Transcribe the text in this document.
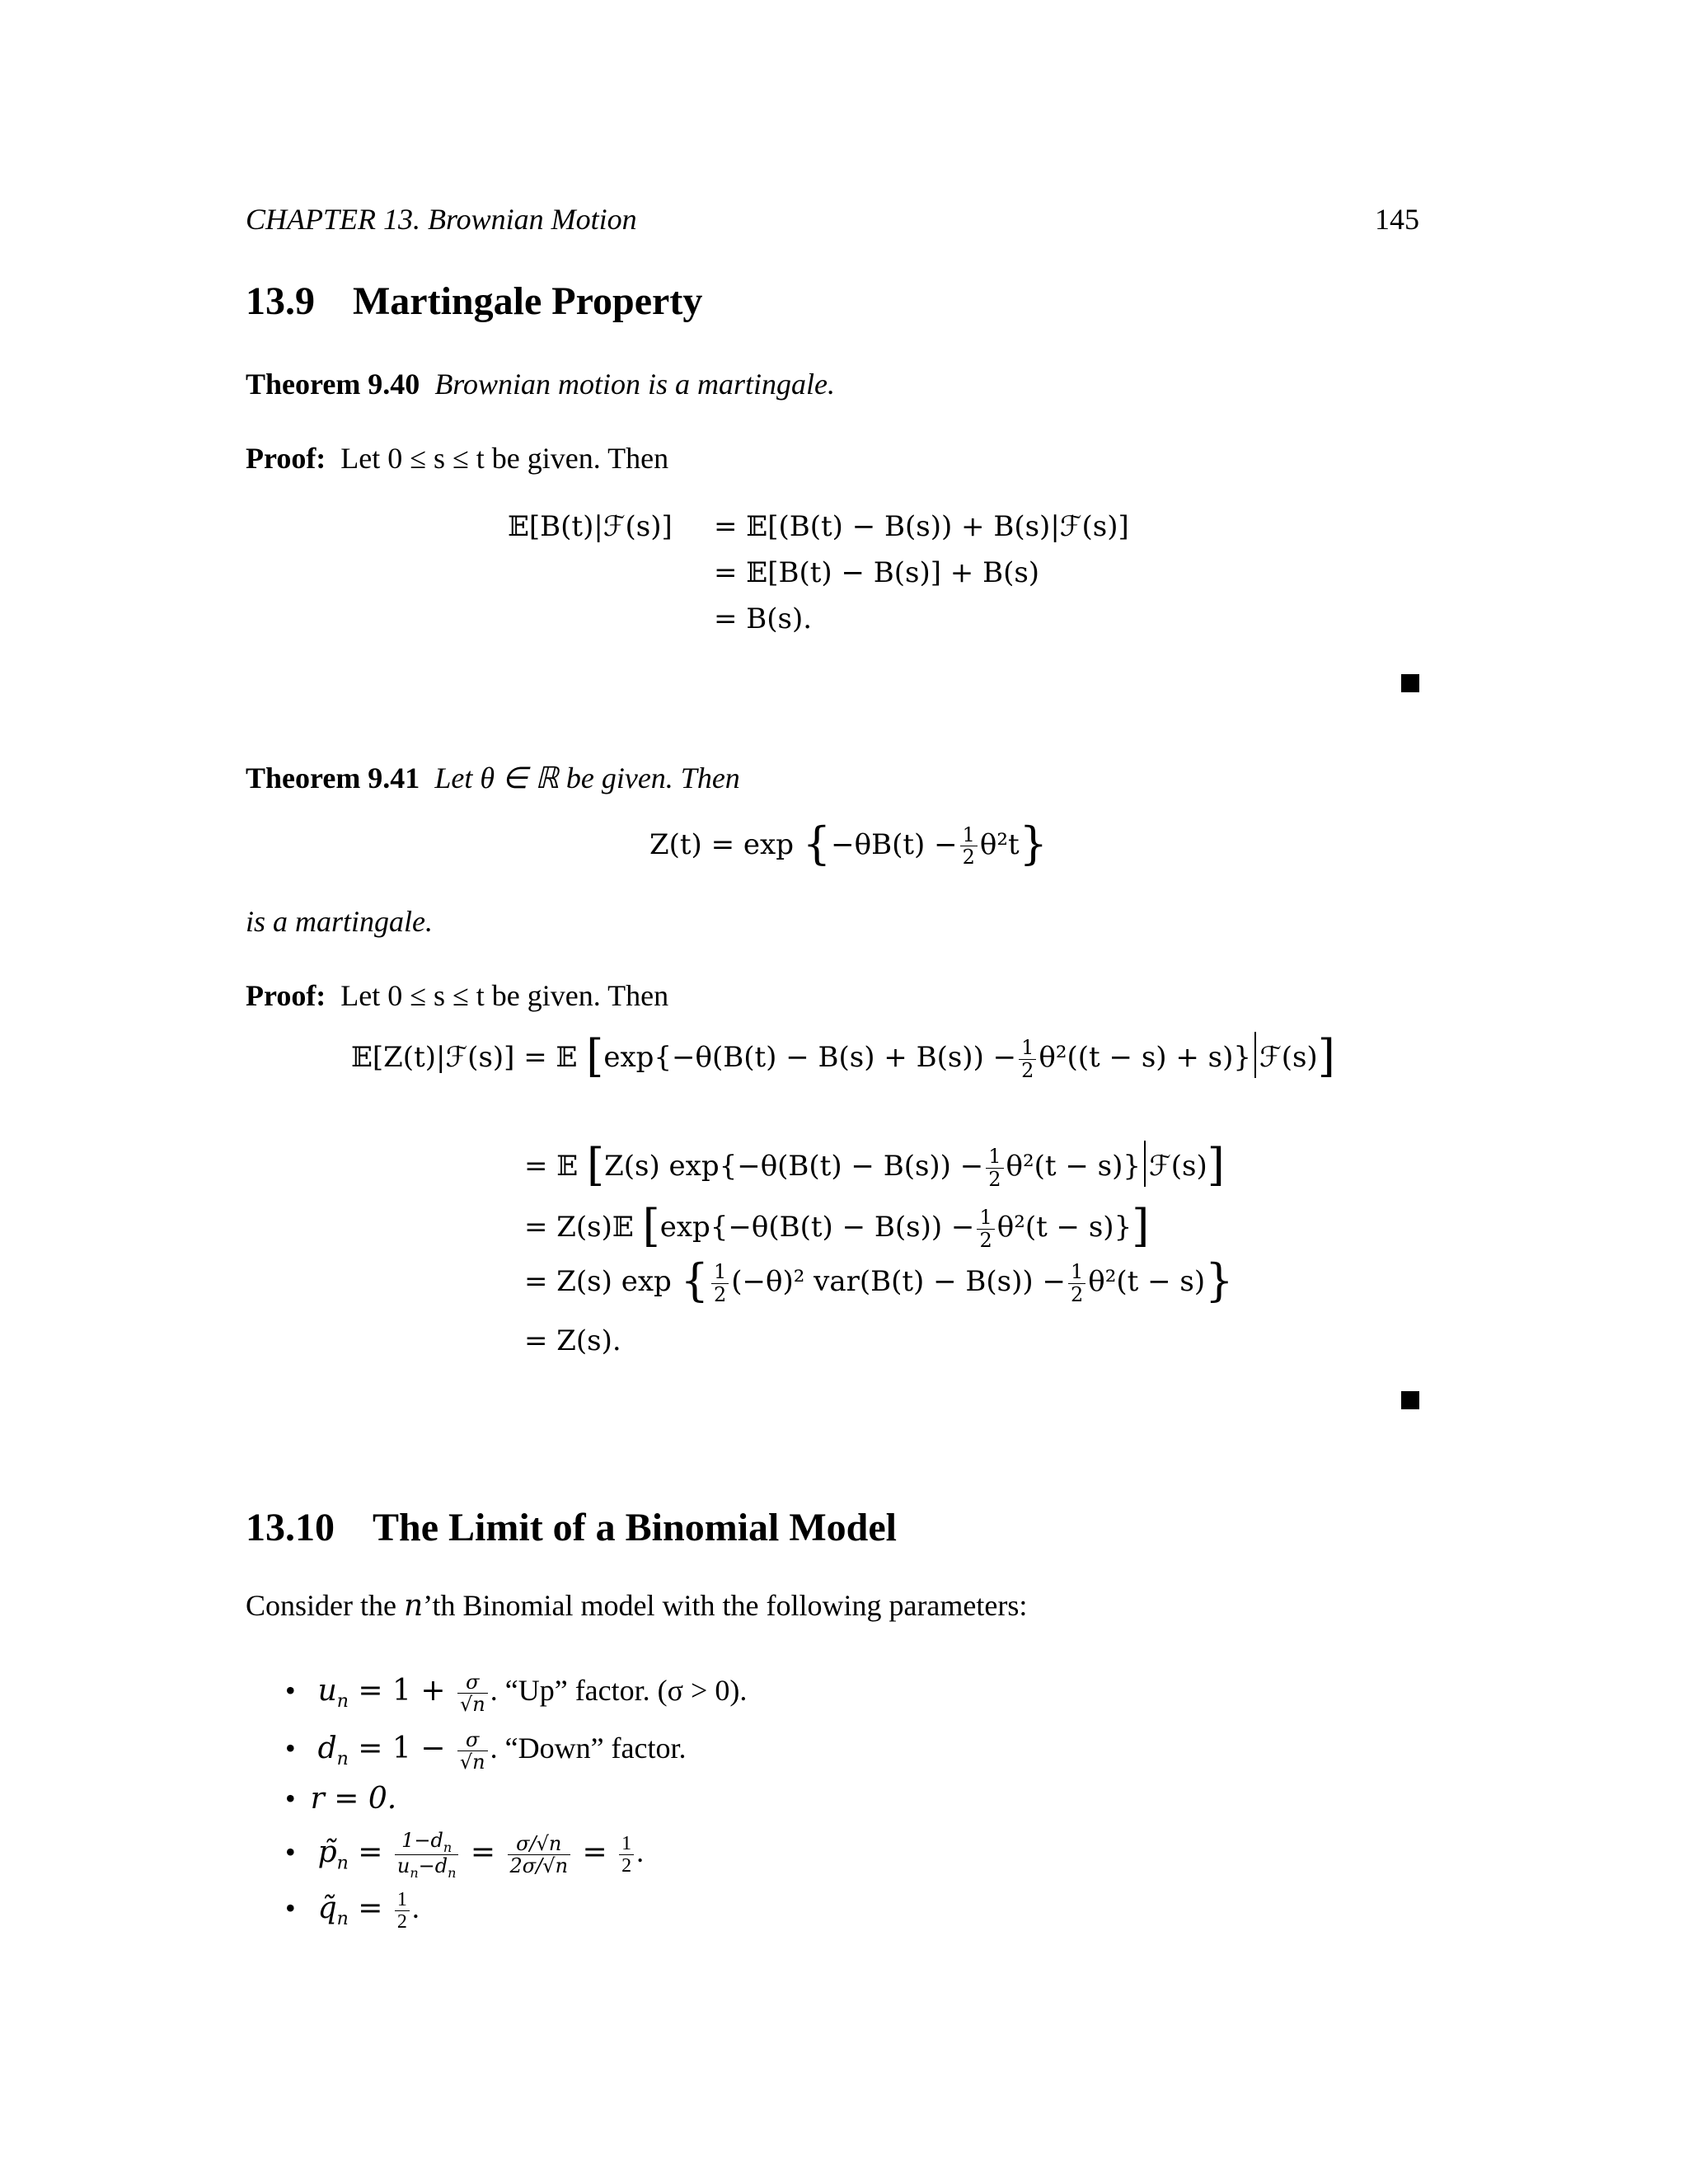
CHAPTER 13. Brownian Motion	145
13.9 Martingale Property
Theorem 9.40 Brownian motion is a martingale.
Proof: Let 0 ≤ s ≤ t be given. Then
𝔼[B(t)|ℱ(s)] = 𝔼[(B(t) − B(s)) + B(s)|ℱ(s)]
= 𝔼[B(t) − B(s)] + B(s)
= B(s).
Theorem 9.41 Let θ ∈ ℝ be given. Then
$Z(t) = \exp \{-\theta B(t) - \frac{1}{2} \theta^2t\}$
is a martingale.
Proof: Let 0 ≤ s ≤ t be given. Then
𝔼[Z(t)|ℱ(s)] = 𝔼 [$\exp\{-\theta(B(t) - B(s) + B(s)) - \frac{1}{2} \theta^2((t - s) + s)\}$ ℱ(s)]
= 𝔼 [Z(s) $\exp\{-\theta(B(t) - B(s)) - \frac{1}{2} \theta^2(t - s)\}$ ℱ(s)]
= Z(s)𝔼 $[\exp\{-\theta(B(t) - B(s)) - \frac{1}{2} \theta^2(t - s)\}]$
= Z(s) exp { $\frac{1}{2} (-\theta)^2$ $var(B(t) - B(s)) - \frac{1}{2} \theta^2(t - s)$}
= Z(s).
13.10 The Limit of a Binomial Model
Consider the n’th Binomial model with the following parameters:
• $u_n = 1 + \frac{\sigma}{√n}$ . “Up” factor. (σ > 0).
• $d_n = 1 - \frac{\sigma}{√n}$ . “Down” factor.
• r = 0.
• $p̃_n = \frac{1-d_n}{u_n-d_n} = \frac{\sigma/√n}{2\sigma/√n} = \frac{1}{2}$ .
• $q̃_n = \frac{1}{2}$ .
